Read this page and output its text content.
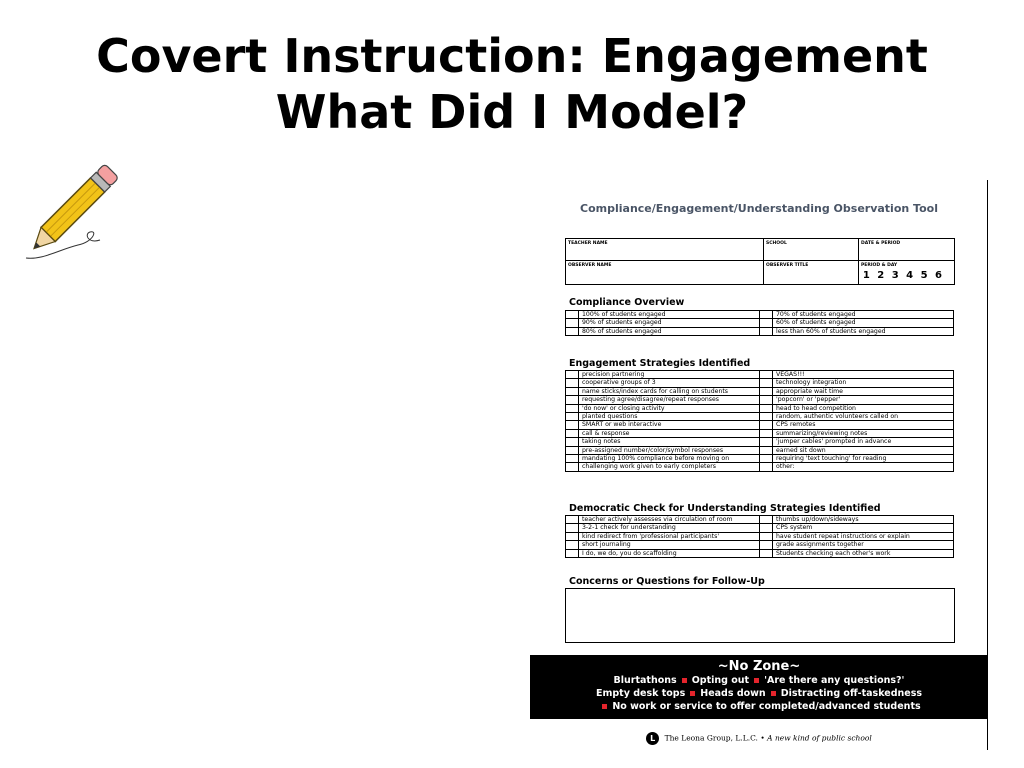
Covert Instruction: Engagement
What Did I Model?
Compliance/Engagement/Understanding Observation Tool
TEACHER NAME	SCHOOL	DATE & PERIOD
OBSERVER NAME	OBSERVER TITLE	PERIOD & DAY
1 2 3 4 5 6
Compliance Overview
	100% of students engaged		70% of students engaged
	90% of students engaged		60% of students engaged
	80% of students engaged		less than 60% of students engaged
Engagement Strategies Identified
	precision partnering		VEGAS!!!
	cooperative groups of 3		technology integration
	name sticks/index cards for calling on students		appropriate wait time
	requesting agree/disagree/repeat responses		'popcorn' or 'pepper'
	'do now' or closing activity		head to head competition
	planted questions		random, authentic volunteers called on
	SMART or web interactive		CPS remotes
	call & response		summarizing/reviewing notes
	taking notes		'jumper cables' prompted in advance
	pre-assigned number/color/symbol responses		earned sit down
	mandating 100% compliance before moving on		requiring 'text touching' for reading
	challenging work given to early completers		other:
Democratic Check for Understanding Strategies Identified
	teacher actively assesses via circulation of room		thumbs up/down/sideways
	3-2-1 check for understanding		CPS system
	kind redirect from 'professional participants'		have student repeat instructions or explain
	short journaling		grade assignments together
	I do, we do, you do scaffolding		Students checking each other's work
Concerns or Questions for Follow-Up
~No Zone~
Blurtathons Opting out 'Are there any questions?'
Empty desk tops Heads down Distracting off-taskedness
No work or service to offer completed/advanced students
L The Leona Group, L.L.C. • A new kind of public school
